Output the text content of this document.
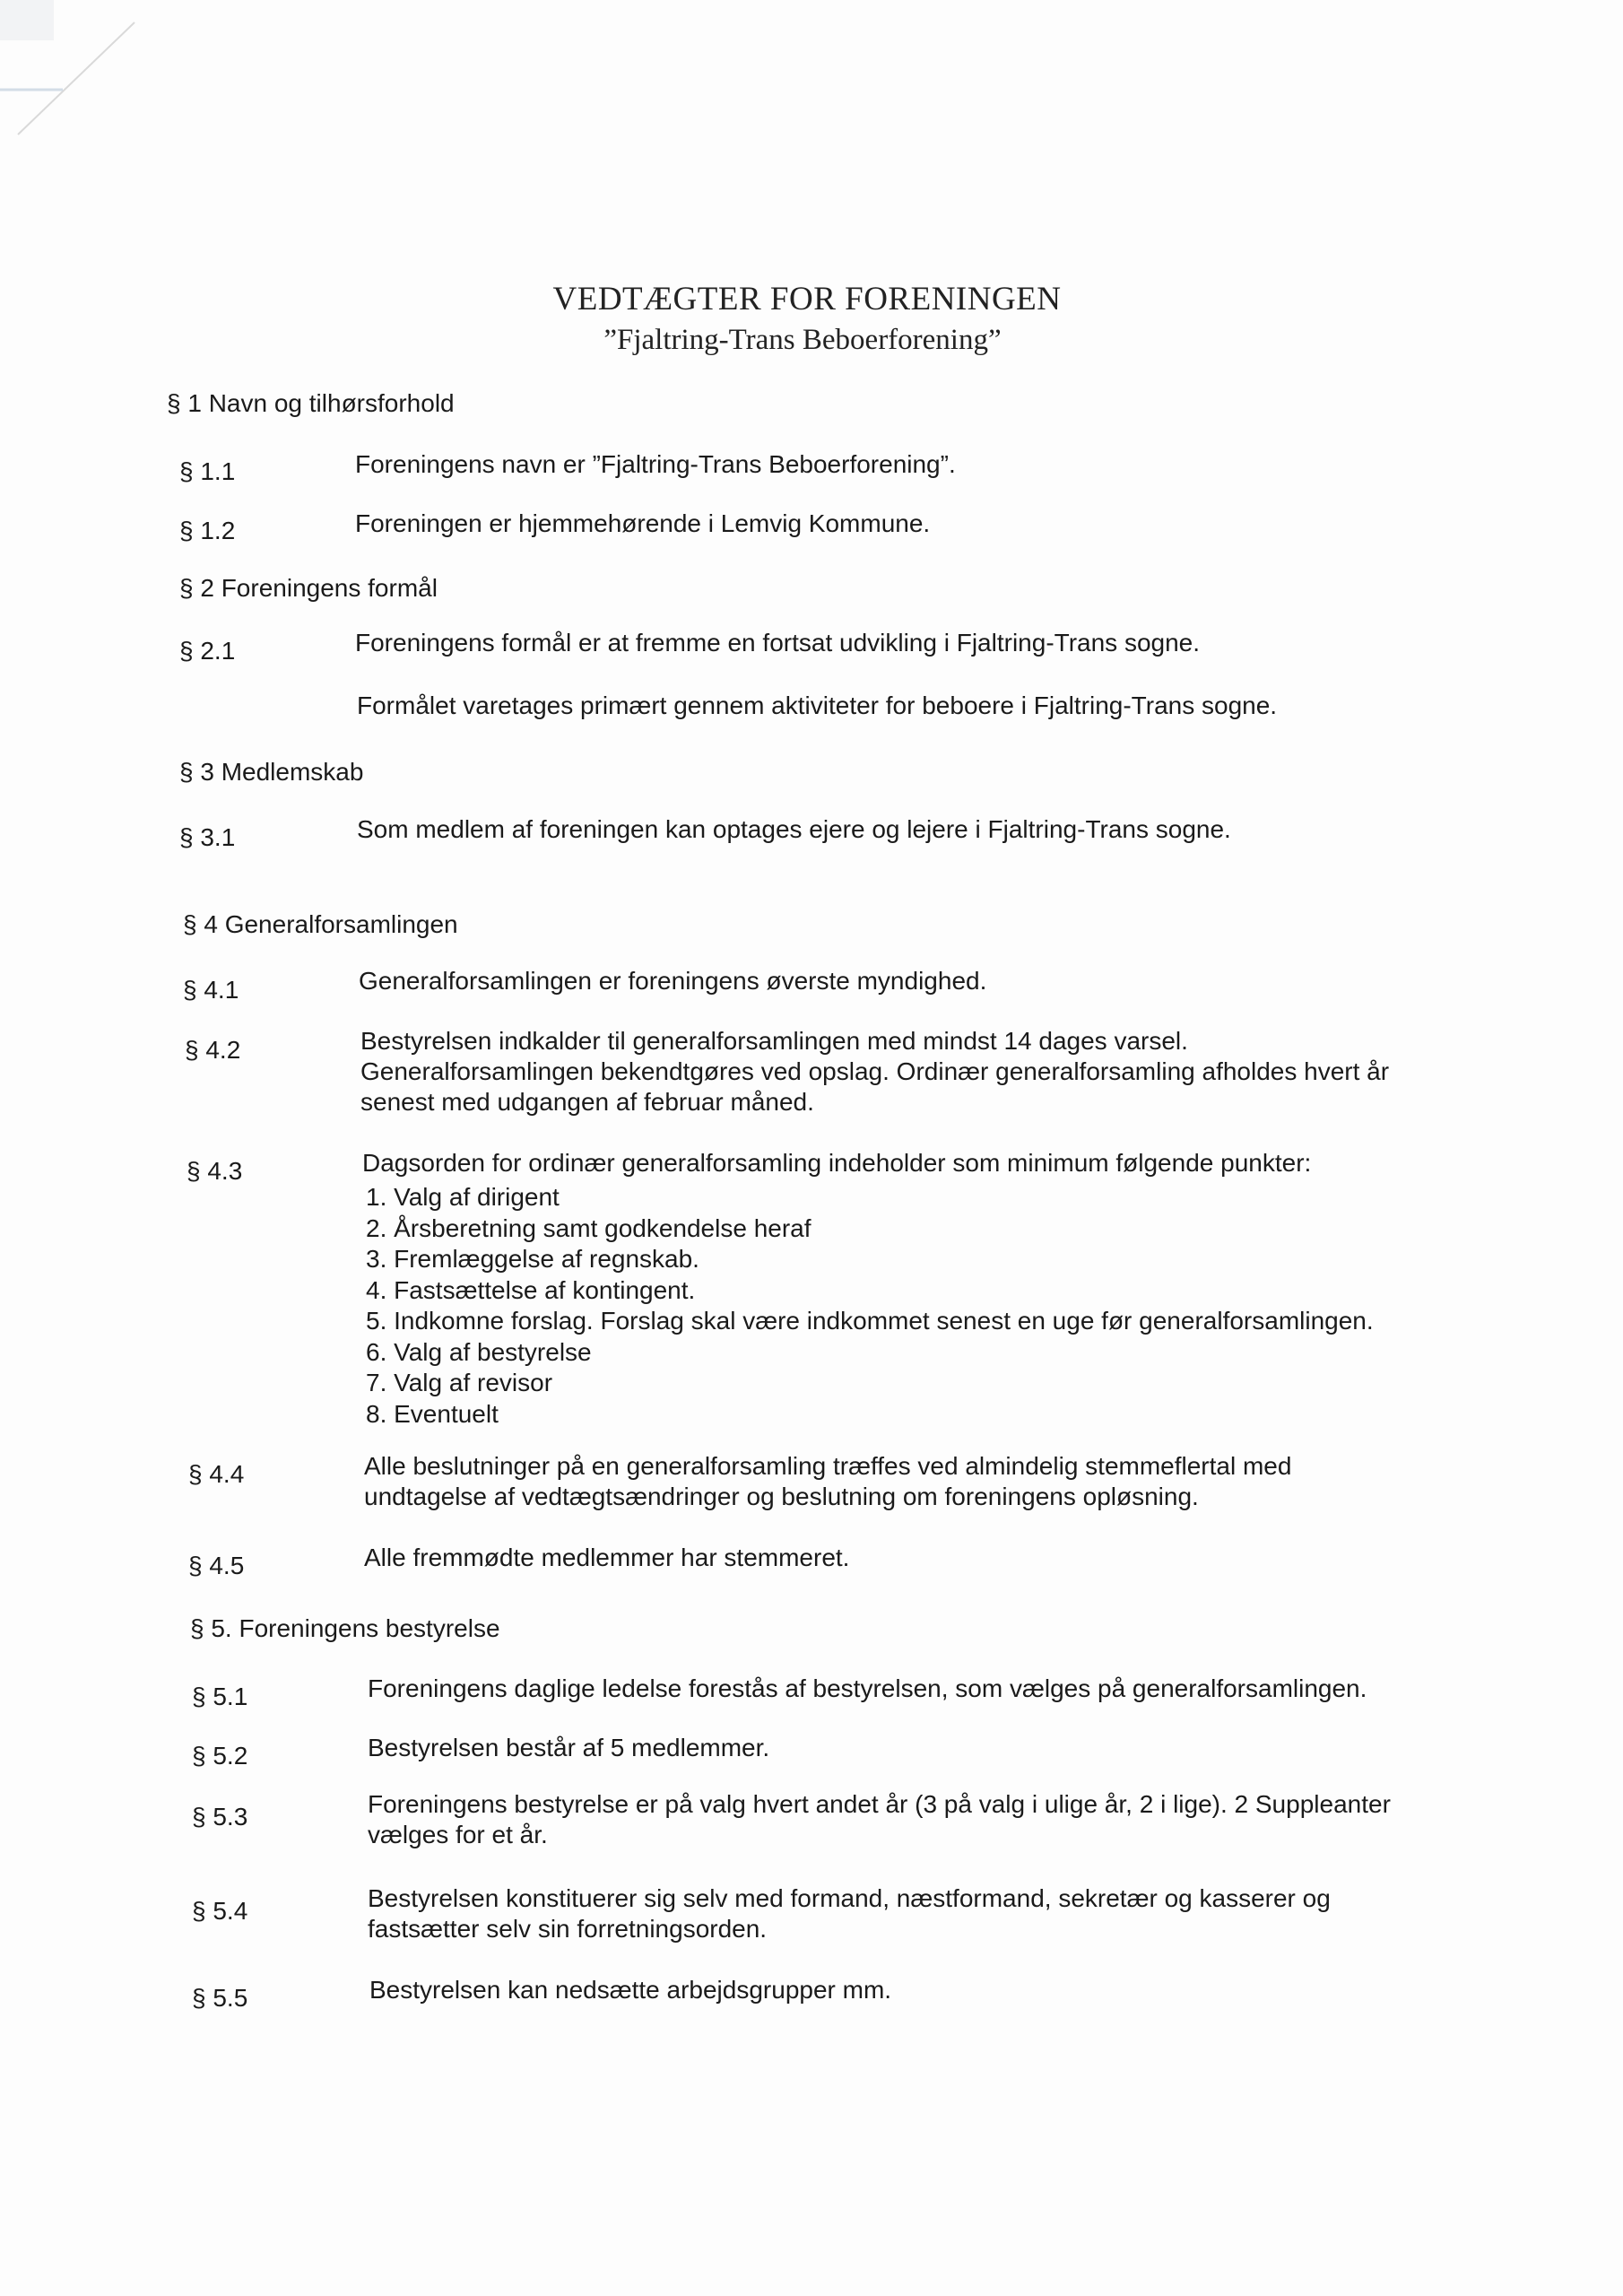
VEDTÆGTER FOR FORENINGEN
”Fjaltring-Trans Beboerforening”
§ 1 Navn og tilhørsforhold
§ 1.1	Foreningens navn er ”Fjaltring-Trans Beboerforening”.
§ 1.2	Foreningen er hjemmehørende i Lemvig Kommune.
§ 2 Foreningens formål
§ 2.1	Foreningens formål er at fremme en fortsat udvikling i Fjaltring-Trans sogne.
Formålet varetages primært gennem aktiviteter for beboere i Fjaltring-Trans sogne.
§ 3 Medlemskab
§ 3.1	Som medlem af foreningen kan optages ejere og lejere i Fjaltring-Trans sogne.
§ 4 Generalforsamlingen
§ 4.1	Generalforsamlingen er foreningens øverste myndighed.
§ 4.2	Bestyrelsen indkalder til generalforsamlingen med mindst 14 dages varsel.
Generalforsamlingen bekendtgøres ved opslag. Ordinær generalforsamling afholdes hvert år
senest med udgangen af februar måned.
§ 4.3	Dagsorden for ordinær generalforsamling indeholder som minimum følgende punkter:
1. Valg af dirigent
2. Årsberetning samt godkendelse heraf
3. Fremlæggelse af regnskab.
4. Fastsættelse af kontingent.
5. Indkomne forslag. Forslag skal være indkommet senest en uge før generalforsamlingen.
6. Valg af bestyrelse
7. Valg af revisor
8. Eventuelt
§ 4.4	Alle beslutninger på en generalforsamling træffes ved almindelig stemmeflertal med
undtagelse af vedtægtsændringer og beslutning om foreningens opløsning.
§ 4.5	Alle fremmødte medlemmer har stemmeret.
§ 5. Foreningens bestyrelse
§ 5.1	Foreningens daglige ledelse forestås af bestyrelsen, som vælges på generalforsamlingen.
§ 5.2	Bestyrelsen består af 5 medlemmer.
§ 5.3	Foreningens bestyrelse er på valg hvert andet år (3 på valg i ulige år, 2 i lige). 2 Suppleanter
vælges for et år.
§ 5.4	Bestyrelsen konstituerer sig selv med formand, næstformand, sekretær og kasserer og
fastsætter selv sin forretningsorden.
§ 5.5	Bestyrelsen kan nedsætte arbejdsgrupper mm.
